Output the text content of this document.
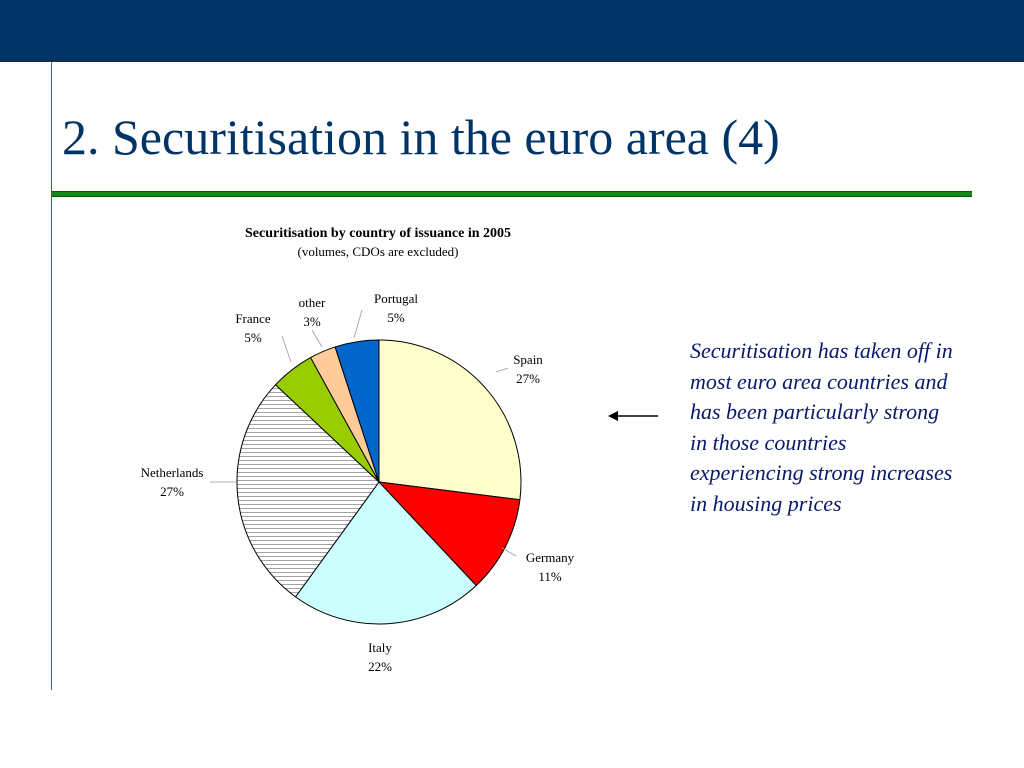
2. Securitisation in the euro area (4)
Securitisation by country of issuance in 2005
(volumes, CDOs are excluded)
Spain
27%
Germany
11%
Italy
22%
Netherlands
27%
France
5%
other
3%
Portugal
5%

Securitisation has taken off in most euro area countries and has been particularly strong in those countries experiencing strong increases in housing prices
